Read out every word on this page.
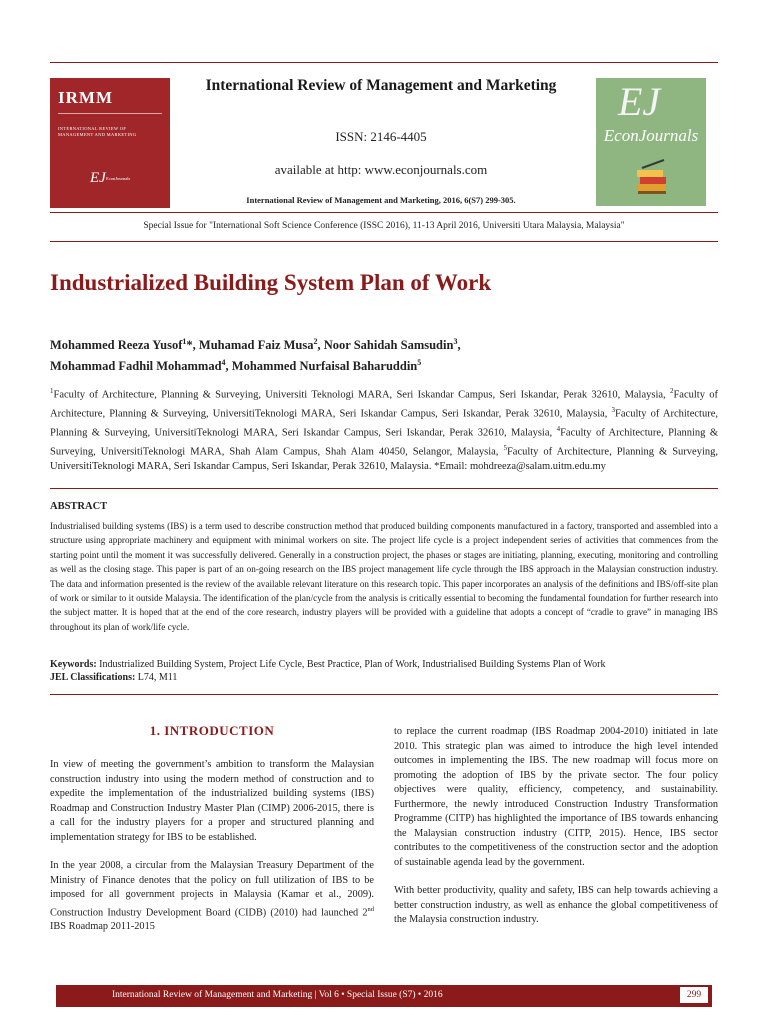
IRMM
INTERNATIONAL REVIEW OF MANAGEMENT AND MARKETING
EJ EconJournals
International Review of Management and Marketing
ISSN: 2146-4405
available at http: www.econjournals.com
International Review of Management and Marketing, 2016, 6(S7) 299-305.
EJ
EconJournals
Special Issue for "International Soft Science Conference (ISSC 2016), 11-13 April 2016, Universiti Utara Malaysia, Malaysia"
Industrialized Building System Plan of Work
Mohammed Reeza Yusof$^1$*, Muhamad Faiz Musa$^2$, Noor Sahidah Samsudin$^3$,
Mohammad Fadhil Mohammad$^4$, Mohammed Nurfaisal Baharuddin$^5$
$^1$Faculty of Architecture, Planning & Surveying, Universiti Teknologi MARA, Seri Iskandar Campus, Seri Iskandar, Perak 32610, Malaysia, $^2$Faculty of Architecture, Planning & Surveying, UniversitiTeknologi MARA, Seri Iskandar Campus, Seri Iskandar, Perak 32610, Malaysia, $^3$Faculty of Architecture, Planning & Surveying, UniversitiTeknologi MARA, Seri Iskandar Campus, Seri Iskandar, Perak 32610, Malaysia, $^4$Faculty of Architecture, Planning & Surveying, UniversitiTeknologi MARA, Shah Alam Campus, Shah Alam 40450, Selangor, Malaysia, $^5$Faculty of Architecture, Planning & Surveying, UniversitiTeknologi MARA, Seri Iskandar Campus, Seri Iskandar, Perak 32610, Malaysia. *Email: mohdreeza@salam.uitm.edu.my
ABSTRACT
Industrialised building systems (IBS) is a term used to describe construction method that produced building components manufactured in a factory, transported and assembled into a structure using appropriate machinery and equipment with minimal workers on site. The project life cycle is a project independent series of activities that commences from the starting point until the moment it was successfully delivered. Generally in a construction project, the phases or stages are initiating, planning, executing, monitoring and controlling as well as the closing stage. This paper is part of an on-going research on the IBS project management life cycle through the IBS approach in the Malaysian construction industry. The data and information presented is the review of the available relevant literature on this research topic. This paper incorporates an analysis of the definitions and IBS/off-site plan of work or similar to it outside Malaysia. The identification of the plan/cycle from the analysis is critically essential to becoming the fundamental foundation for further research into the subject matter. It is hoped that at the end of the core research, industry players will be provided with a guideline that adopts a concept of “cradle to grave” in managing IBS throughout its plan of work/life cycle.
Keywords: Industrialized Building System, Project Life Cycle, Best Practice, Plan of Work, Industrialised Building Systems Plan of Work
JEL Classifications: L74, M11
1. INTRODUCTION

In view of meeting the government’s ambition to transform the Malaysian construction industry into using the modern method of construction and to expedite the implementation of the industrialized building systems (IBS) Roadmap and Construction Industry Master Plan (CIMP) 2006-2015, there is a call for the industry players for a proper and structured planning and implementation strategy for IBS to be established.

In the year 2008, a circular from the Malaysian Treasury Department of the Ministry of Finance denotes that the policy on full utilization of IBS to be imposed for all government projects in Malaysia (Kamar et al., 2009). Construction Industry Development Board (CIDB) (2010) had launched 2nd IBS Roadmap 2011-2015

to replace the current roadmap (IBS Roadmap 2004-2010) initiated in late 2010. This strategic plan was aimed to introduce the high level intended outcomes in implementing the IBS. The new roadmap will focus more on promoting the adoption of IBS by the private sector. The four policy objectives were quality, efficiency, competency, and sustainability. Furthermore, the newly introduced Construction Industry Transformation Programme (CITP) has highlighted the importance of IBS towards enhancing the Malaysian construction industry (CITP, 2015). Hence, IBS sector contributes to the competitiveness of the construction sector and the adoption of sustainable agenda lead by the government.

With better productivity, quality and safety, IBS can help towards achieving a better construction industry, as well as enhance the global competitiveness of the Malaysia construction industry.

International Review of Management and Marketing | Vol 6 • Special Issue (S7) • 2016	299
